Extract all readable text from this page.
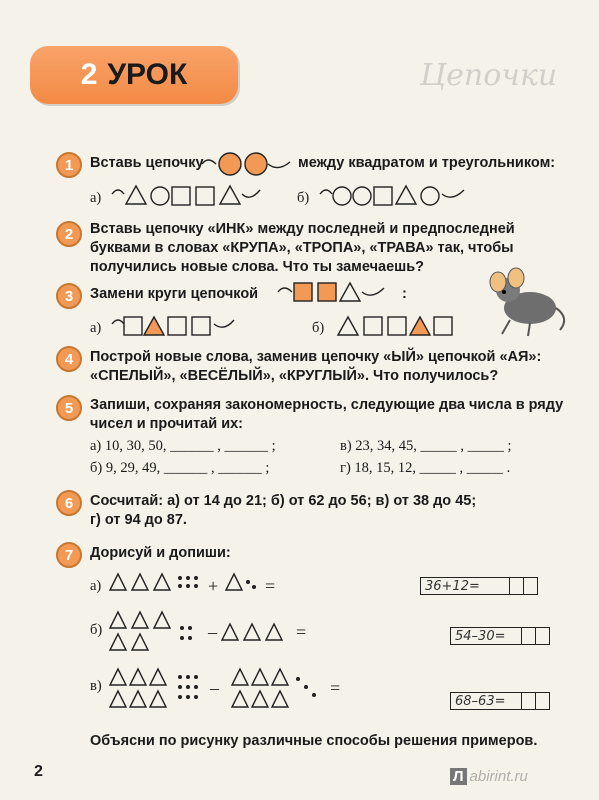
Цепочки
2 УРОК
1	Вставь цепочку	между квадратом и треугольником:
а)	б)
2	Вставь цепочку «ИНК» между последней и предпоследней
буквами в словах «КРУПА», «ТРОПА», «ТРАВА» так, чтобы
получились новые слова. Что ты замечаешь?
3	Замени круги цепочкой	:
а)	б)
4	Построй новые слова, заменив цепочку «ЫЙ» цепочкой «АЯ»:
«СПЕЛЫЙ», «ВЕСЁЛЫЙ», «КРУГЛЫЙ». Что получилось?
5	Запиши, сохраняя закономерность, следующие два числа в ряду
чисел и прочитай их:
а) 10, 30, 50, ______ , ______ ;	в) 23, 34, 45, _____ , _____ ;
б) 9, 29, 49, ______ , ______ ;	г) 18, 15, 12, _____ , _____ .
6	Сосчитай: а) от 14 до 21; б) от 62 до 56; в) от 38 до 45;
г) от 94 до 87.
7	Дорисуй и допиши:
а)	+	=	36+12=
б)	–	=	54–30=
в)	–	=
68–63=
Объясни по рисунку различные способы решения примеров.
2	Л abirint.ru
